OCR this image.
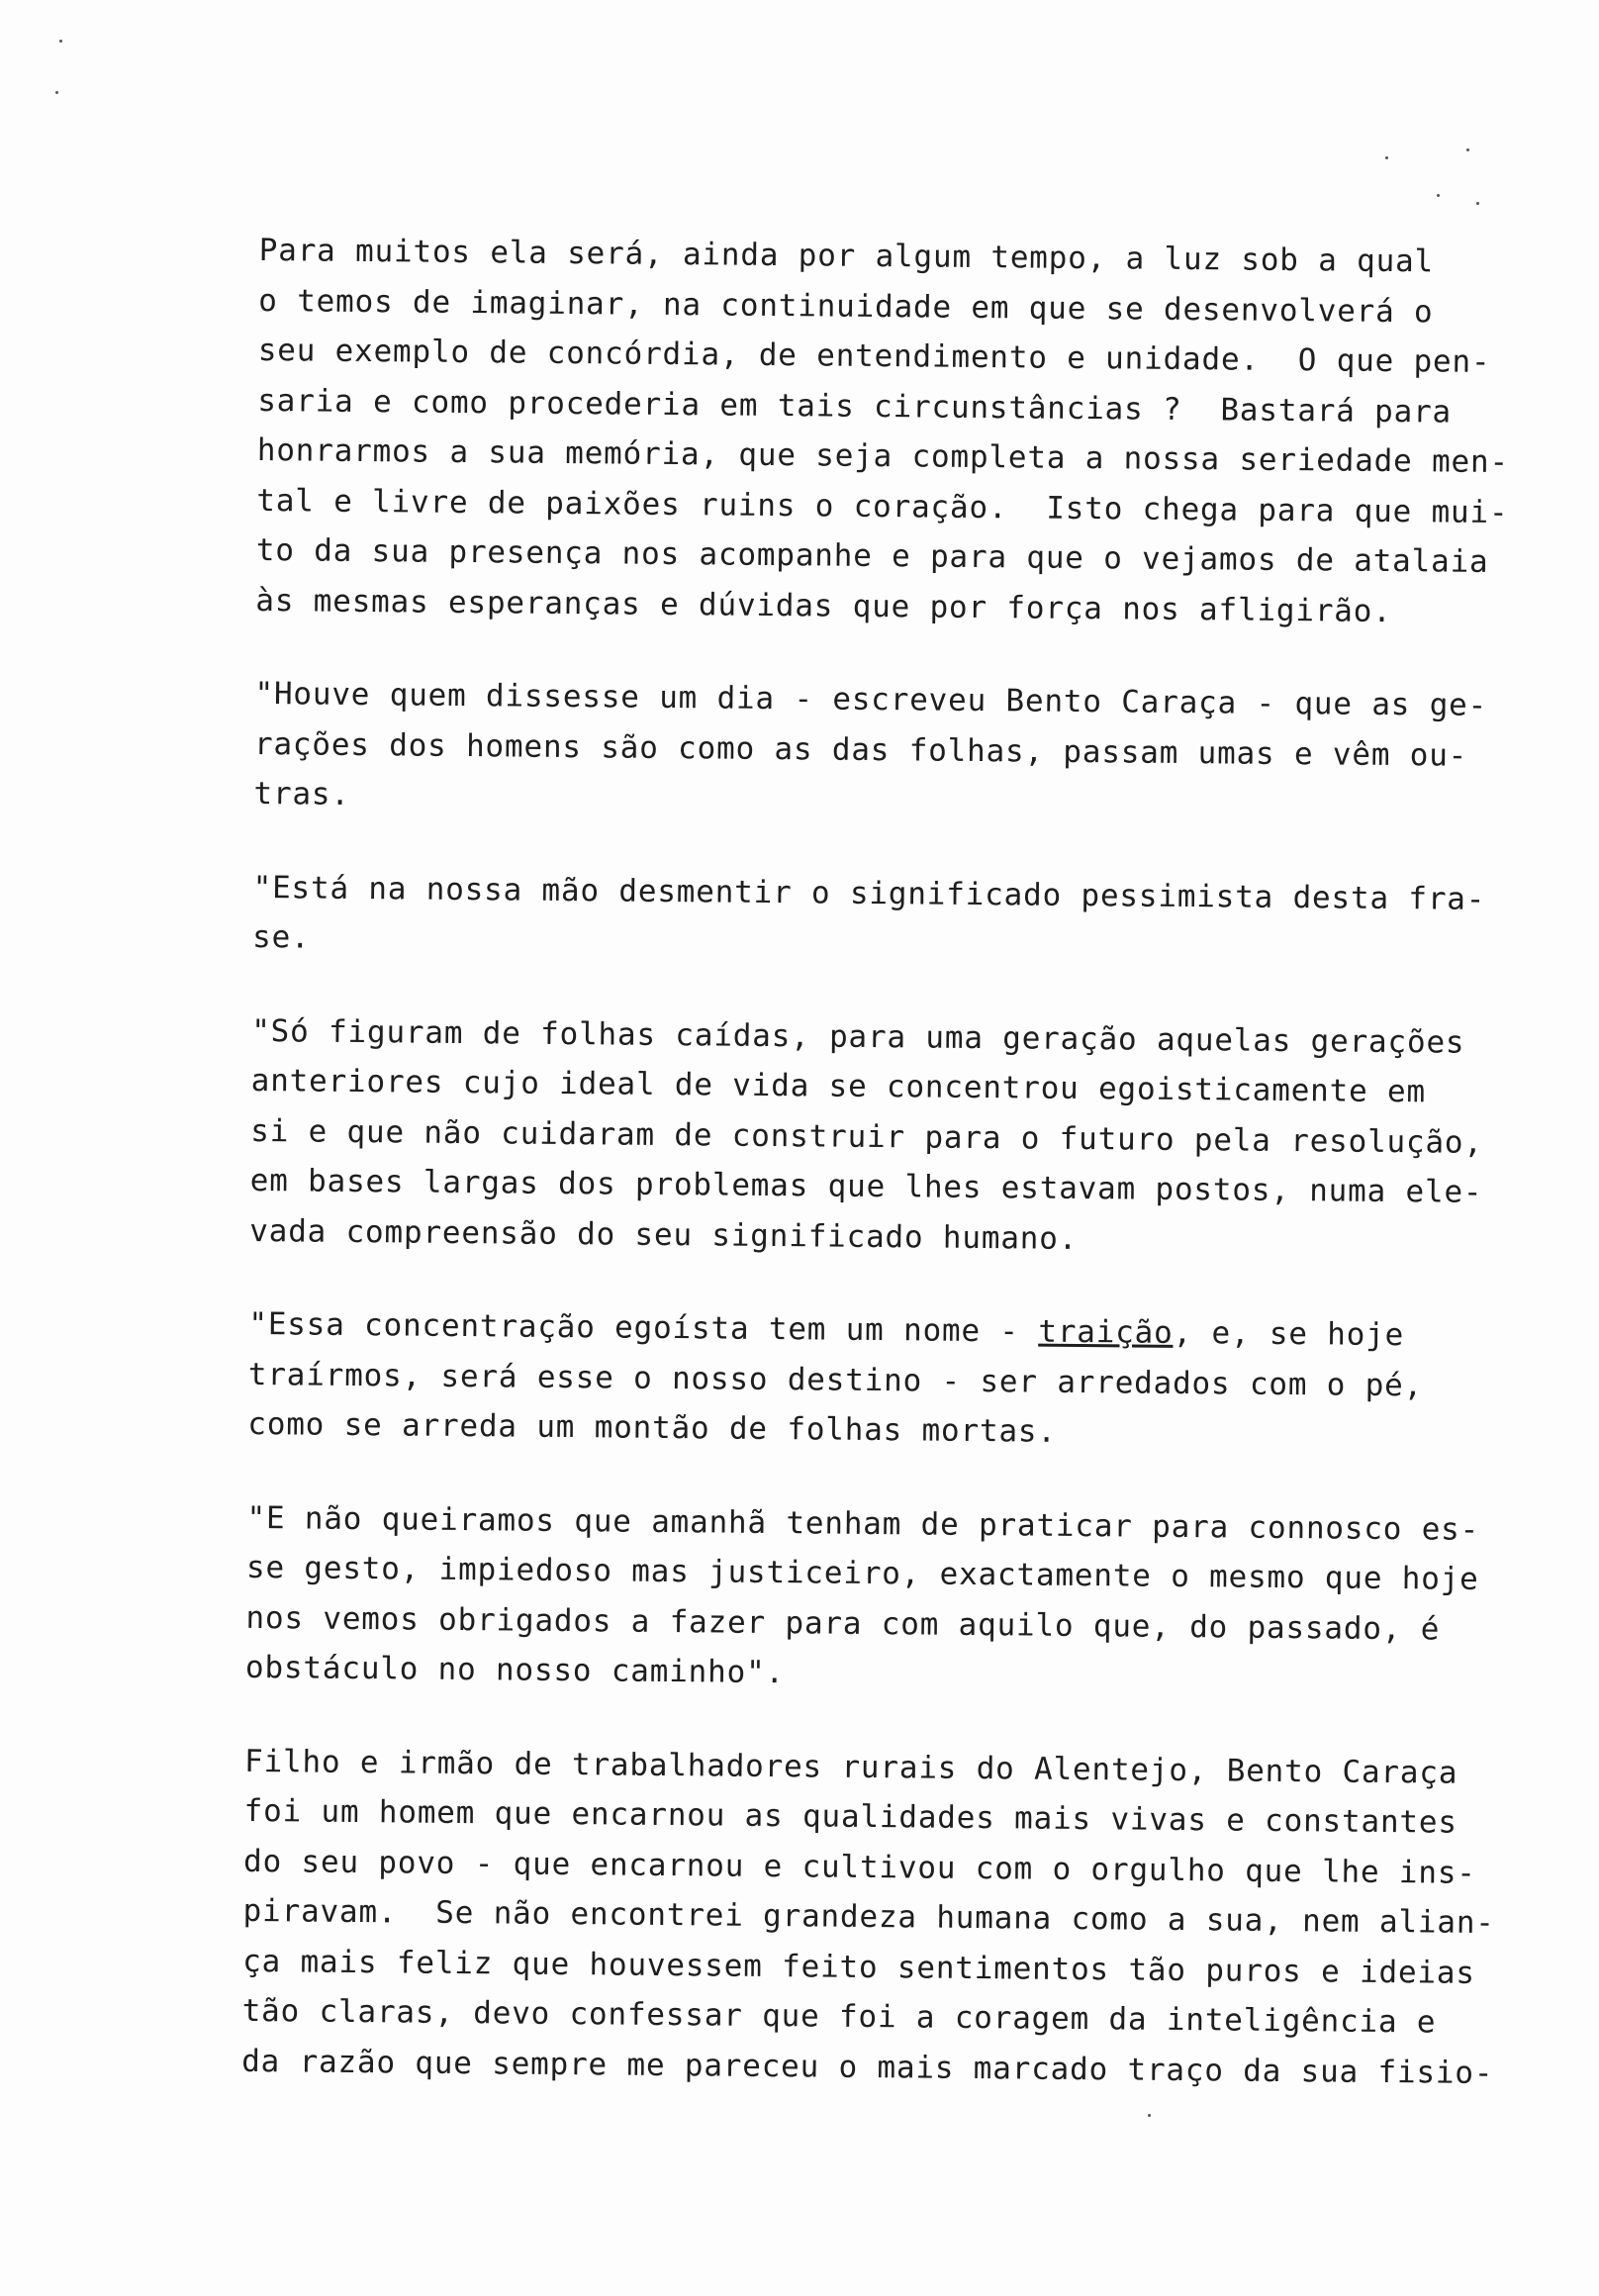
Para muitos ela será, ainda por algum tempo, a luz sob a qual
o temos de imaginar, na continuidade em que se desenvolverá o
seu exemplo de concórdia, de entendimento e unidade.  O que pen-
saria e como procederia em tais circunstâncias ?  Bastará para
honrarmos a sua memória, que seja completa a nossa seriedade men-
tal e livre de paixões ruins o coração.  Isto chega para que mui-
to da sua presença nos acompanhe e para que o vejamos de atalaia
às mesmas esperanças e dúvidas que por força nos afligirão.
"Houve quem dissesse um dia - escreveu Bento Caraça - que as ge-
rações dos homens são como as das folhas, passam umas e vêm ou-
tras.
"Está na nossa mão desmentir o significado pessimista desta fra-
se.
"Só figuram de folhas caídas, para uma geração aquelas gerações
anteriores cujo ideal de vida se concentrou egoisticamente em
si e que não cuidaram de construir para o futuro pela resolução,
em bases largas dos problemas que lhes estavam postos, numa ele-
vada compreensão do seu significado humano.
"Essa concentração egoísta tem um nome - traição, e, se hoje
traírmos, será esse o nosso destino - ser arredados com o pé,
como se arreda um montão de folhas mortas.
"E não queiramos que amanhã tenham de praticar para connosco es-
se gesto, impiedoso mas justiceiro, exactamente o mesmo que hoje
nos vemos obrigados a fazer para com aquilo que, do passado, é
obstáculo no nosso caminho".
Filho e irmão de trabalhadores rurais do Alentejo, Bento Caraça
foi um homem que encarnou as qualidades mais vivas e constantes
do seu povo - que encarnou e cultivou com o orgulho que lhe ins-
piravam.  Se não encontrei grandeza humana como a sua, nem alian-
ça mais feliz que houvessem feito sentimentos tão puros e ideias
tão claras, devo confessar que foi a coragem da inteligência e
da razão que sempre me pareceu o mais marcado traço da sua fisio-
